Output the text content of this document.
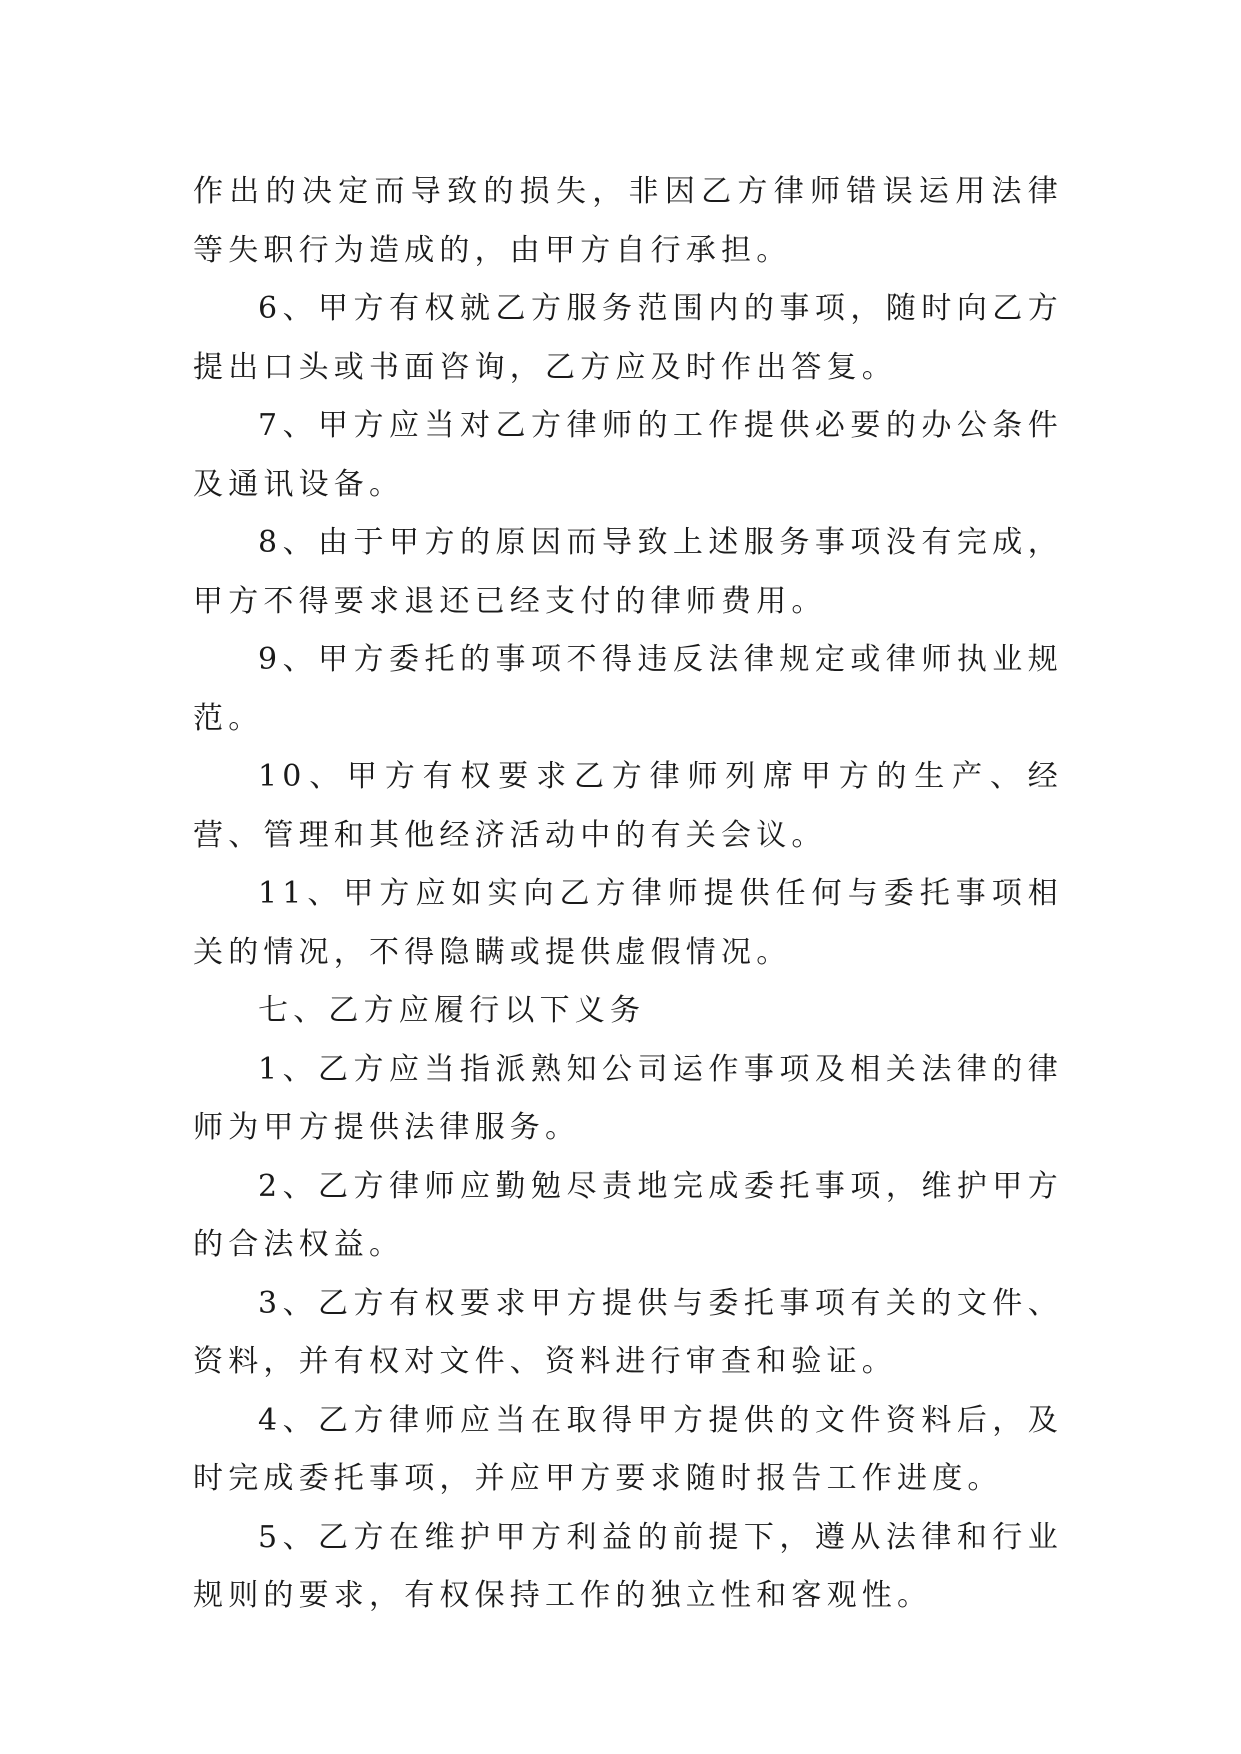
作出的决定而导致的损失，非因乙方律师错误运用法律等失职行为造成的，由甲方自行承担。

6、甲方有权就乙方服务范围内的事项，随时向乙方提出口头或书面咨询，乙方应及时作出答复。

7、甲方应当对乙方律师的工作提供必要的办公条件及通讯设备。

8、由于甲方的原因而导致上述服务事项没有完成，甲方不得要求退还已经支付的律师费用。

9、甲方委托的事项不得违反法律规定或律师执业规范。

10、甲方有权要求乙方律师列席甲方的生产、经营、管理和其他经济活动中的有关会议。

11、甲方应如实向乙方律师提供任何与委托事项相关的情况，不得隐瞒或提供虚假情况。

七、乙方应履行以下义务

1、乙方应当指派熟知公司运作事项及相关法律的律师为甲方提供法律服务。

2、乙方律师应勤勉尽责地完成委托事项，维护甲方的合法权益。

3、乙方有权要求甲方提供与委托事项有关的文件、资料，并有权对文件、资料进行审查和验证。

4、乙方律师应当在取得甲方提供的文件资料后，及时完成委托事项，并应甲方要求随时报告工作进度。

5、乙方在维护甲方利益的前提下，遵从法律和行业规则的要求，有权保持工作的独立性和客观性。
